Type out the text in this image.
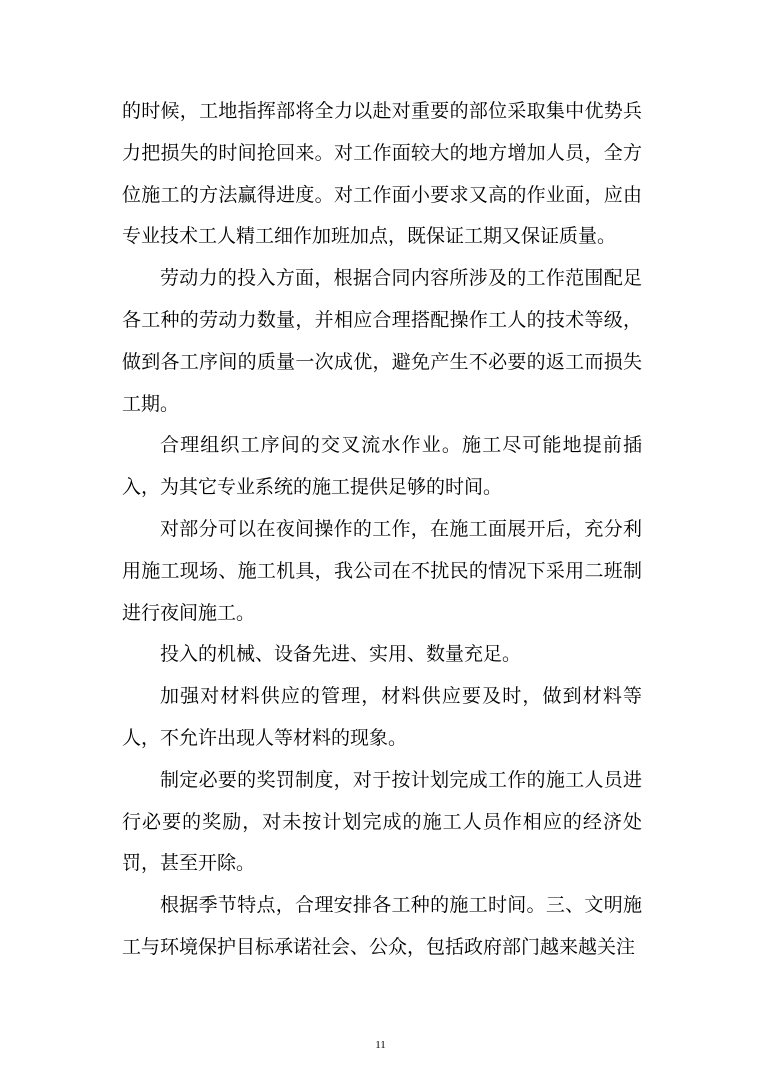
的时候，工地指挥部将全力以赴对重要的部位采取集中优势兵力把损失的时间抢回来。对工作面较大的地方增加人员，全方位施工的方法赢得进度。对工作面小要求又高的作业面，应由专业技术工人精工细作加班加点，既保证工期又保证质量。

劳动力的投入方面，根据合同内容所涉及的工作范围配足各工种的劳动力数量，并相应合理搭配操作工人的技术等级，做到各工序间的质量一次成优，避免产生不必要的返工而损失工期。

合理组织工序间的交叉流水作业。施工尽可能地提前插入，为其它专业系统的施工提供足够的时间。

对部分可以在夜间操作的工作，在施工面展开后，充分利用施工现场、施工机具，我公司在不扰民的情况下采用二班制进行夜间施工。

投入的机械、设备先进、实用、数量充足。

加强对材料供应的管理，材料供应要及时，做到材料等人，不允许出现人等材料的现象。

制定必要的奖罚制度，对于按计划完成工作的施工人员进行必要的奖励，对未按计划完成的施工人员作相应的经济处罚，甚至开除。

根据季节特点，合理安排各工种的施工时间。三、文明施工与环境保护目标承诺社会、公众，包括政府部门越来越关注

11
